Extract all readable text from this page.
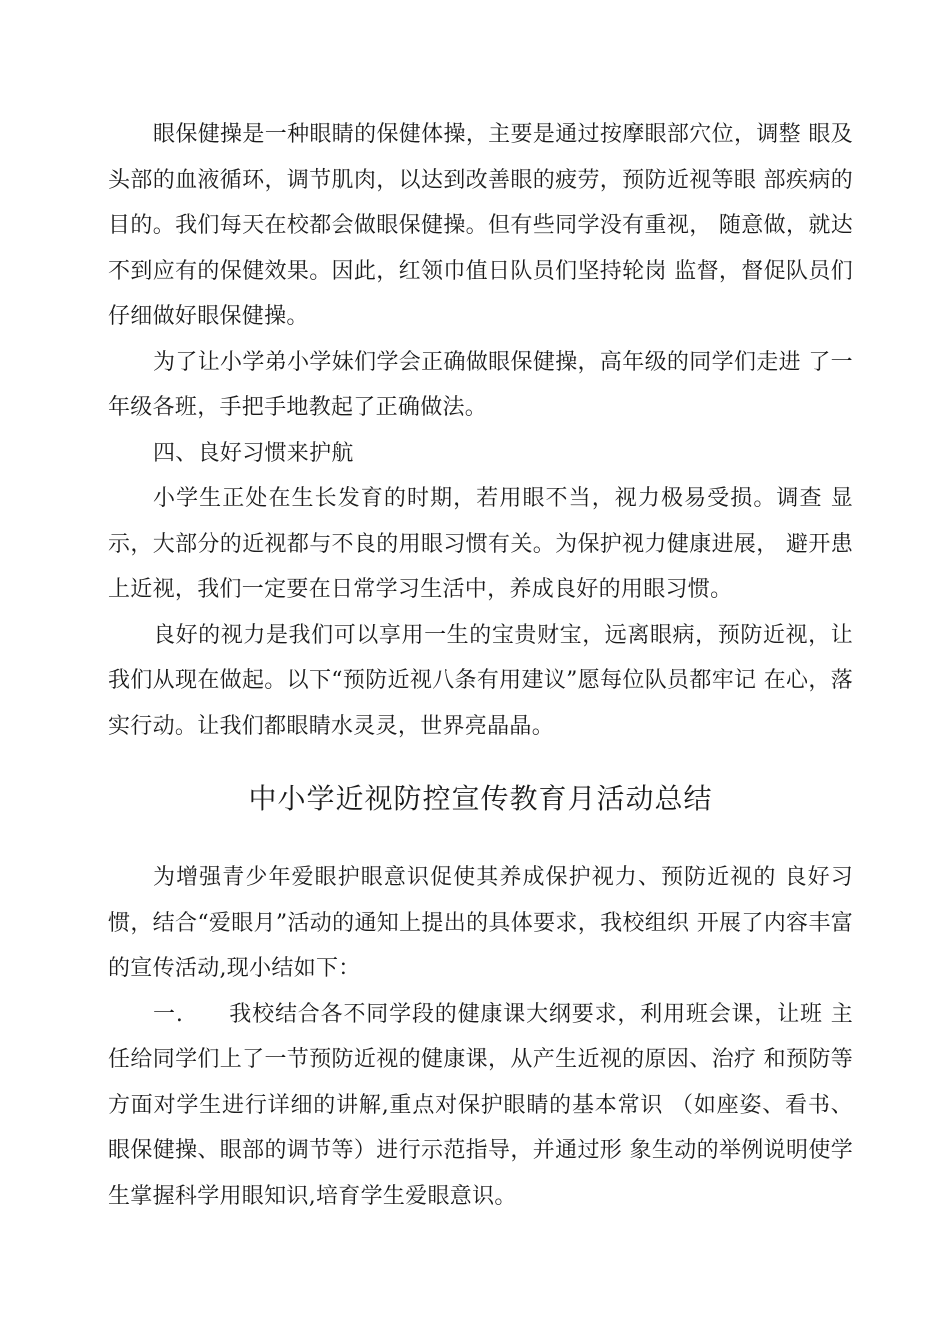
眼保健操是一种眼睛的保健体操，主要是通过按摩眼部穴位，调整 眼及头部的血液循环，调节肌肉，以达到改善眼的疲劳，预防近视等眼 部疾病的目的。我们每天在校都会做眼保健操。但有些同学没有重视， 随意做，就达不到应有的保健效果。因此，红领巾值日队员们坚持轮岗 监督，督促队员们仔细做好眼保健操。

为了让小学弟小学妹们学会正确做眼保健操，高年级的同学们走进 了一年级各班，手把手地教起了正确做法。

四、良好习惯来护航

小学生正处在生长发育的时期，若用眼不当，视力极易受损。调查 显示，大部分的近视都与不良的用眼习惯有关。为保护视力健康进展， 避开患上近视，我们一定要在日常学习生活中，养成良好的用眼习惯。

良好的视力是我们可以享用一生的宝贵财宝，远离眼病，预防近视，让我们从现在做起。以下“预防近视八条有用建议”愿每位队员都牢记 在心，落实行动。让我们都眼睛水灵灵，世界亮晶晶。

中小学近视防控宣传教育月活动总结

为增强青少年爱眼护眼意识促使其养成保护视力、预防近视的 良好习惯，结合“爱眼月”活动的通知上提出的具体要求，我校组织 开展了内容丰富的宣传活动,现小结如下：

一.　　我校结合各不同学段的健康课大纲要求，利用班会课，让班 主任给同学们上了一节预防近视的健康课，从产生近视的原因、治疗 和预防等方面对学生进行详细的讲解,重点对保护眼睛的基本常识 （如座姿、看书、眼保健操、眼部的调节等）进行示范指导，并通过形 象生动的举例说明使学生掌握科学用眼知识,培育学生爱眼意识。
